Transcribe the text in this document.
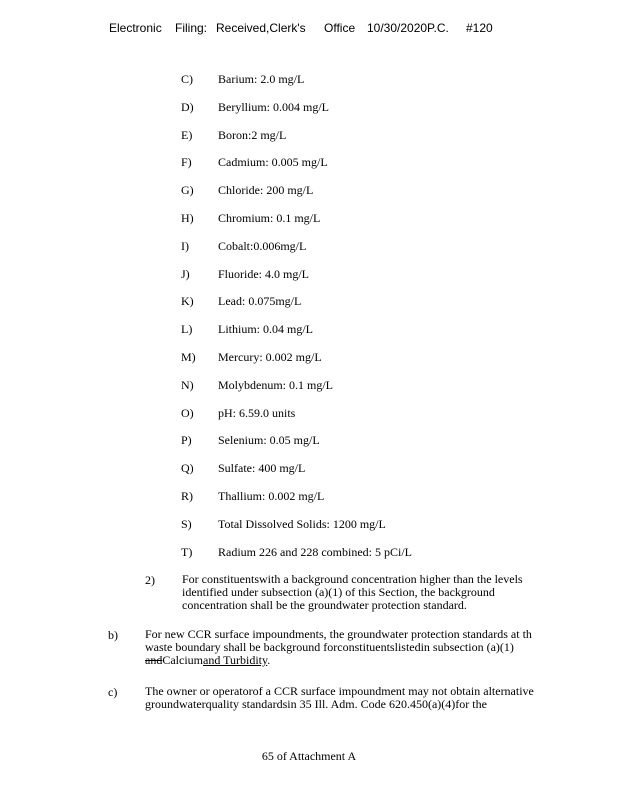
Electronic Filing: Received,Clerk's Office 10/30/2020P.C. #120
C) Barium: 2.0 mg/L
D) Beryllium: 0.004 mg/L
E) Boron:2 mg/L
F) Cadmium: 0.005 mg/L
G) Chloride: 200 mg/L
H) Chromium: 0.1 mg/L
I) Cobalt:0.006mg/L
J) Fluoride: 4.0 mg/L
K) Lead: 0.075mg/L
L) Lithium: 0.04 mg/L
M) Mercury: 0.002 mg/L
N) Molybdenum: 0.1 mg/L
O) pH: 6.59.0 units
P) Selenium: 0.05 mg/L
Q) Sulfate: 400 mg/L
R) Thallium: 0.002 mg/L
S) Total Dissolved Solids: 1200 mg/L
T) Radium 226 and 228 combined: 5 pCi/L
2) For constituentswith a background concentration higher than the levels
identified under subsection (a)(1) of this Section, the background
concentration shall be the groundwater protection standard.
b) For new CCR surface impoundments, the groundwater protection standards at th
waste boundary shall be background forconstituentslistedin subsection (a)(1)
andCalciumand Turbidity.
c) The owner or operatorof a CCR surface impoundment may not obtain alternative
groundwaterquality standardsin 35 Ill. Adm. Code 620.450(a)(4)for the
65 of Attachment A
